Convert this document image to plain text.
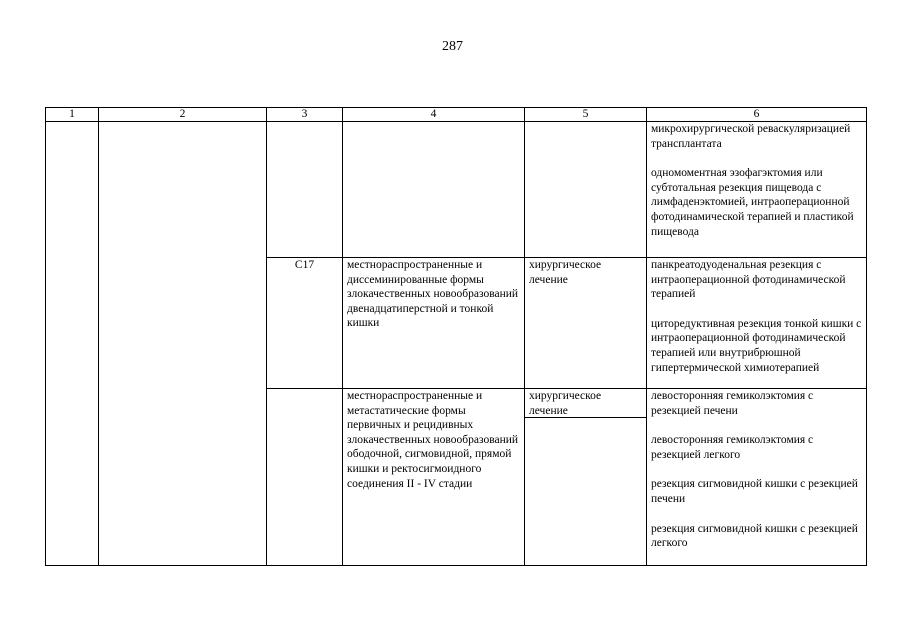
287
1	2	3	4	5	6

					микрохирургической реваскуляризацией трансплантата

одномоментная эзофагэктомия или субтотальная резекция пищевода с лимфаденэктомией, интраоперационной фотодинамической терапией и пластикой пищевода

		C17	местнораспространенные и диссеминированные формы злокачественных новообразований двенадцатиперстной и тонкой кишки	хирургическое лечение	панкреатодуоденальная резекция с интраоперационной фотодинамической терапией

циторедуктивная резекция тонкой кишки с интраоперационной фотодинамической терапией или внутрибрюшной гипертермической химиотерапией

			местнораспространенные и метастатические формы первичных и рецидивных злокачественных новообразований ободочной, сигмовидной, прямой кишки и ректосигмоидного соединения II - IV стадии	хирургическое лечение	левосторонняя гемиколэктомия с резекцией печени

левосторонняя гемиколэктомия с резекцией легкого

резекция сигмовидной кишки с резекцией печени

резекция сигмовидной кишки с резекцией легкого
